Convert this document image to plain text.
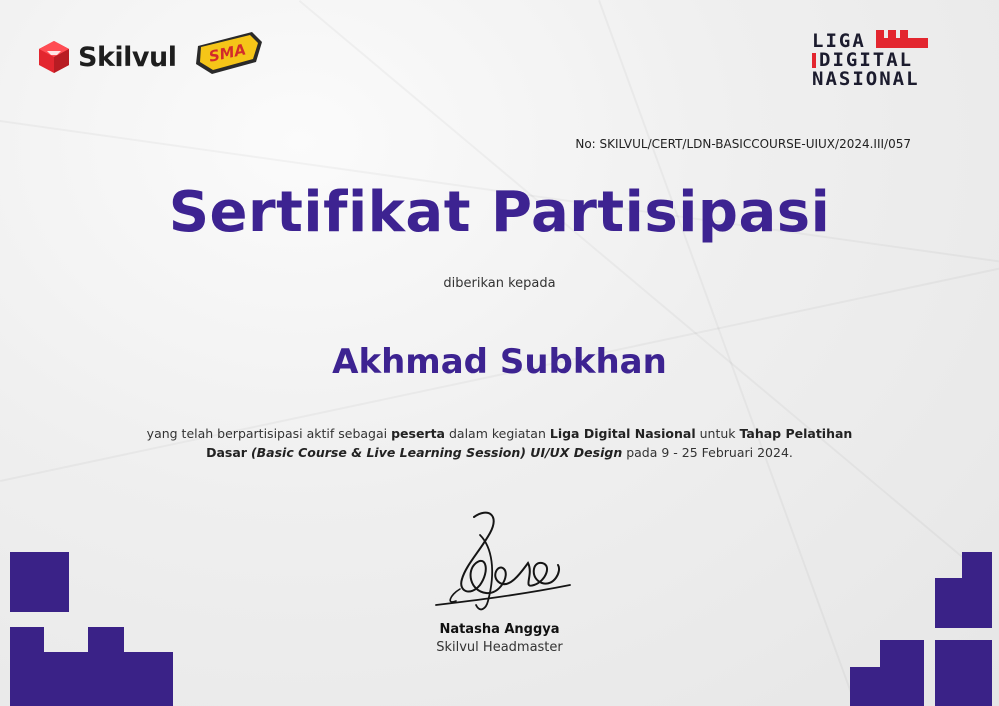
Skilvul SMA	LIGA
DIGITAL
NASIONAL
No: SKILVUL/CERT/LDN-BASICCOURSE-UIUX/2024.III/057
Sertifikat Partisipasi
diberikan kepada
Akhmad Subkhan
yang telah berpartisipasi aktif sebagai peserta dalam kegiatan Liga Digital Nasional untuk Tahap Pelatihan Dasar (Basic Course & Live Learning Session) UI/UX Design pada 9 - 25 Februari 2024.
Natasha Anggya
Skilvul Headmaster
